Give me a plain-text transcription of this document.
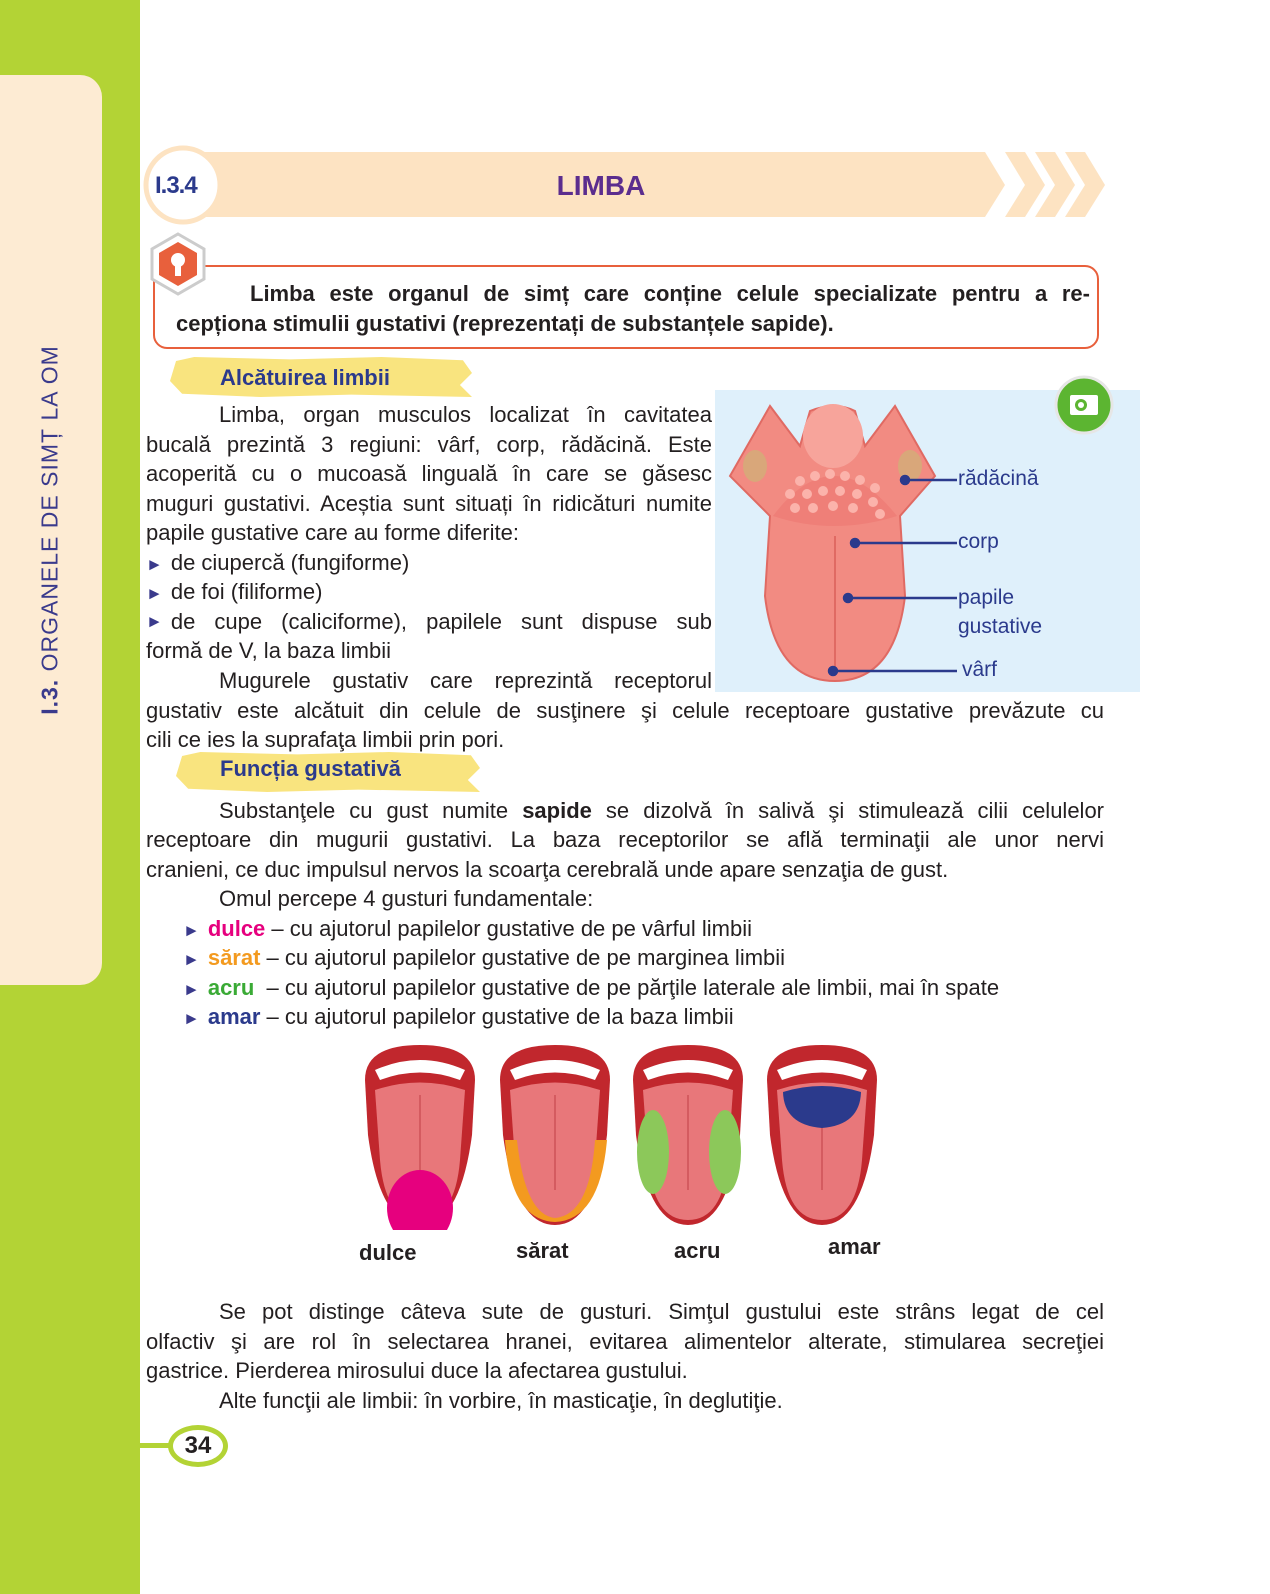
I.3. ORGANELE DE SIMȚ LA OM
I.3.4	LIMBA
Limba este organul de simț care conține celule specializate pentru a re-
cepționa stimulii gustativi (reprezentați de substanțele sapide).
Alcătuirea limbii
Limba, organ musculos localizat în cavitatea
bucală prezintă 3 regiuni: vârf, corp, rădăcină. Este
acoperită cu o mucoasă linguală în care se găsesc
muguri gustativi. Aceștia sunt situați în ridicături numite
papile gustative care au forme diferite:
► de ciupercă (fungiforme)
► de foi (filiforme)
► de cupe (caliciforme), papilele sunt dispuse sub
formă de V, la baza limbii
Mugurele gustativ care reprezintă receptorul
gustativ este alcătuit din celule de susţinere şi celule receptoare gustative prevăzute cu
cili ce ies la suprafaţa limbii prin pori.
rădăcină
corp
papile
gustative
vârf
Funcția gustativă
Substanţele cu gust numite sapide se dizolvă în salivă şi stimulează cilii celulelor
receptoare din mugurii gustativi. La baza receptorilor se află terminaţii ale unor nervi
cranieni, ce duc impulsul nervos la scoarţa cerebrală unde apare senzaţia de gust.
Omul percepe 4 gusturi fundamentale:
► dulce – cu ajutorul papilelor gustative de pe vârful limbii
► sărat – cu ajutorul papilelor gustative de pe marginea limbii
► acru  – cu ajutorul papilelor gustative de pe părţile laterale ale limbii, mai în spate
► amar – cu ajutorul papilelor gustative de la baza limbii
dulce	sărat	acru	amar
Se pot distinge câteva sute de gusturi. Simţul gustului este strâns legat de cel
olfactiv şi are rol în selectarea hranei, evitarea alimentelor alterate, stimularea secreţiei
gastrice. Pierderea mirosului duce la afectarea gustului.
Alte funcţii ale limbii: în vorbire, în masticaţie, în deglutiţie.
34
